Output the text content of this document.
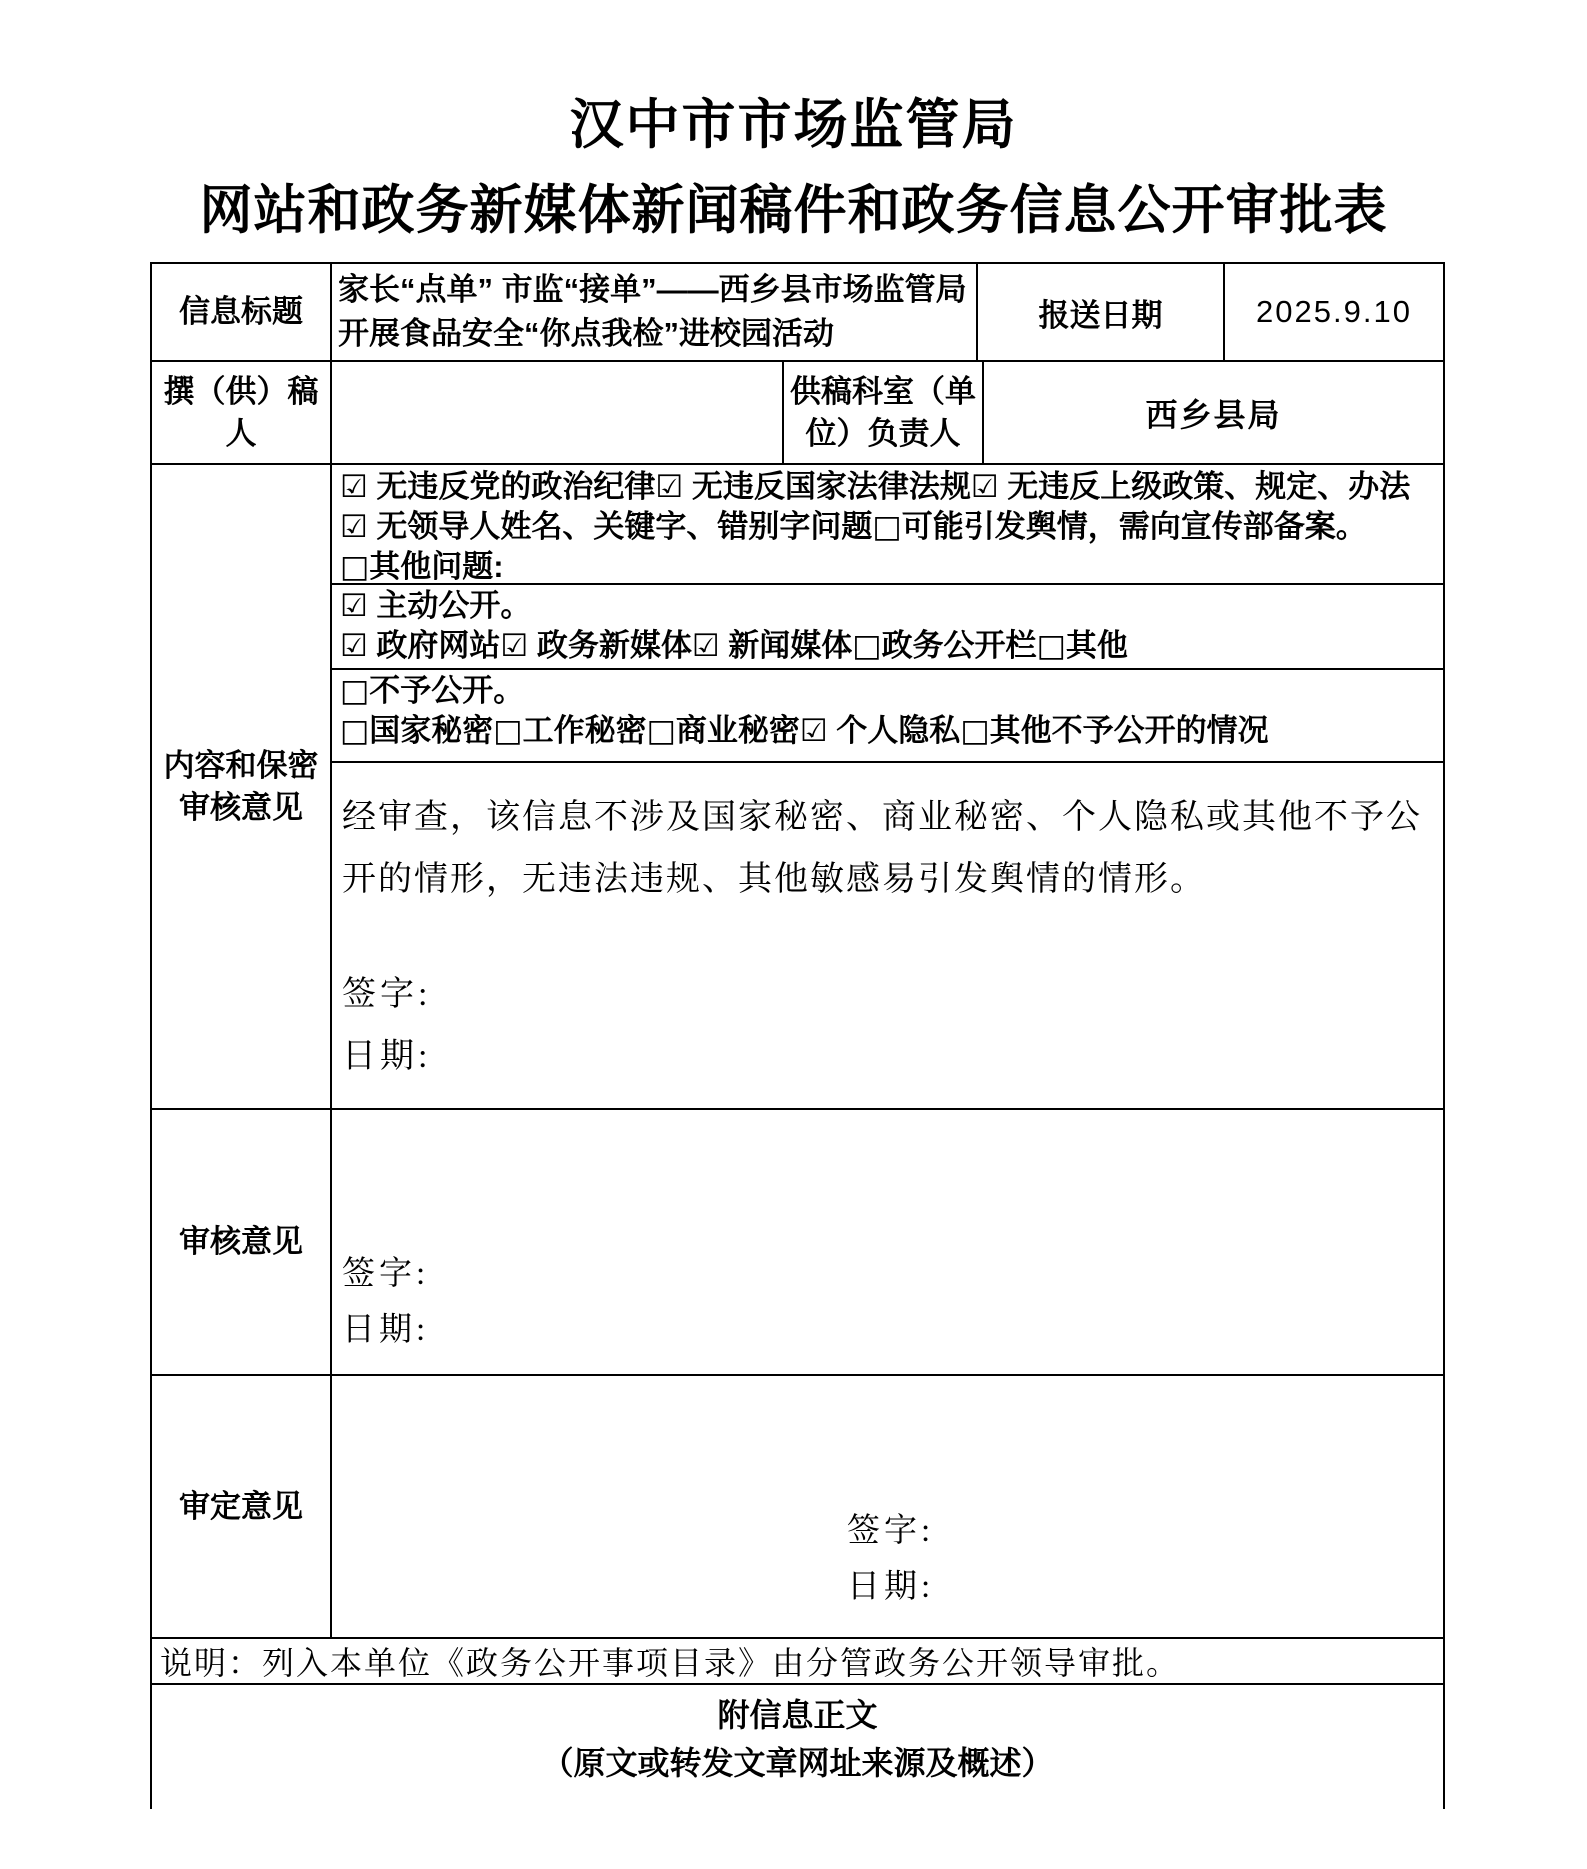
汉中市市场监管局
网站和政务新媒体新闻稿件和政务信息公开审批表
信息标题
家长“点单” 市监“接单”——西乡县市场监管局开展食品安全“你点我检”进校园活动
报送日期	2025.9.10
撰（供）稿人
供稿科室（单位）负责人
西乡县局
内容和保密审核意见
☑ 无违反党的政治纪律☑ 无违反国家法律法规☑ 无违反上级政策、规定、办法☑ 无领导人姓名、关键字、错别字问题□可能引发舆情，需向宣传部备案。
□其他问题:
☑ 主动公开。
☑ 政府网站☑ 政务新媒体☑ 新闻媒体□政务公开栏□其他
□不予公开。
□国家秘密□工作秘密□商业秘密☑ 个人隐私□其他不予公开的情况
经审查，该信息不涉及国家秘密、商业秘密、个人隐私或其他不予公开的情形，无违法违规、其他敏感易引发舆情的情形。
签字:
日期:
审核意见
签字:
日期:
审定意见
签字:
日期:
说明：列入本单位《政务公开事项目录》由分管政务公开领导审批。
附信息正文
（原文或转发文章网址来源及概述）
